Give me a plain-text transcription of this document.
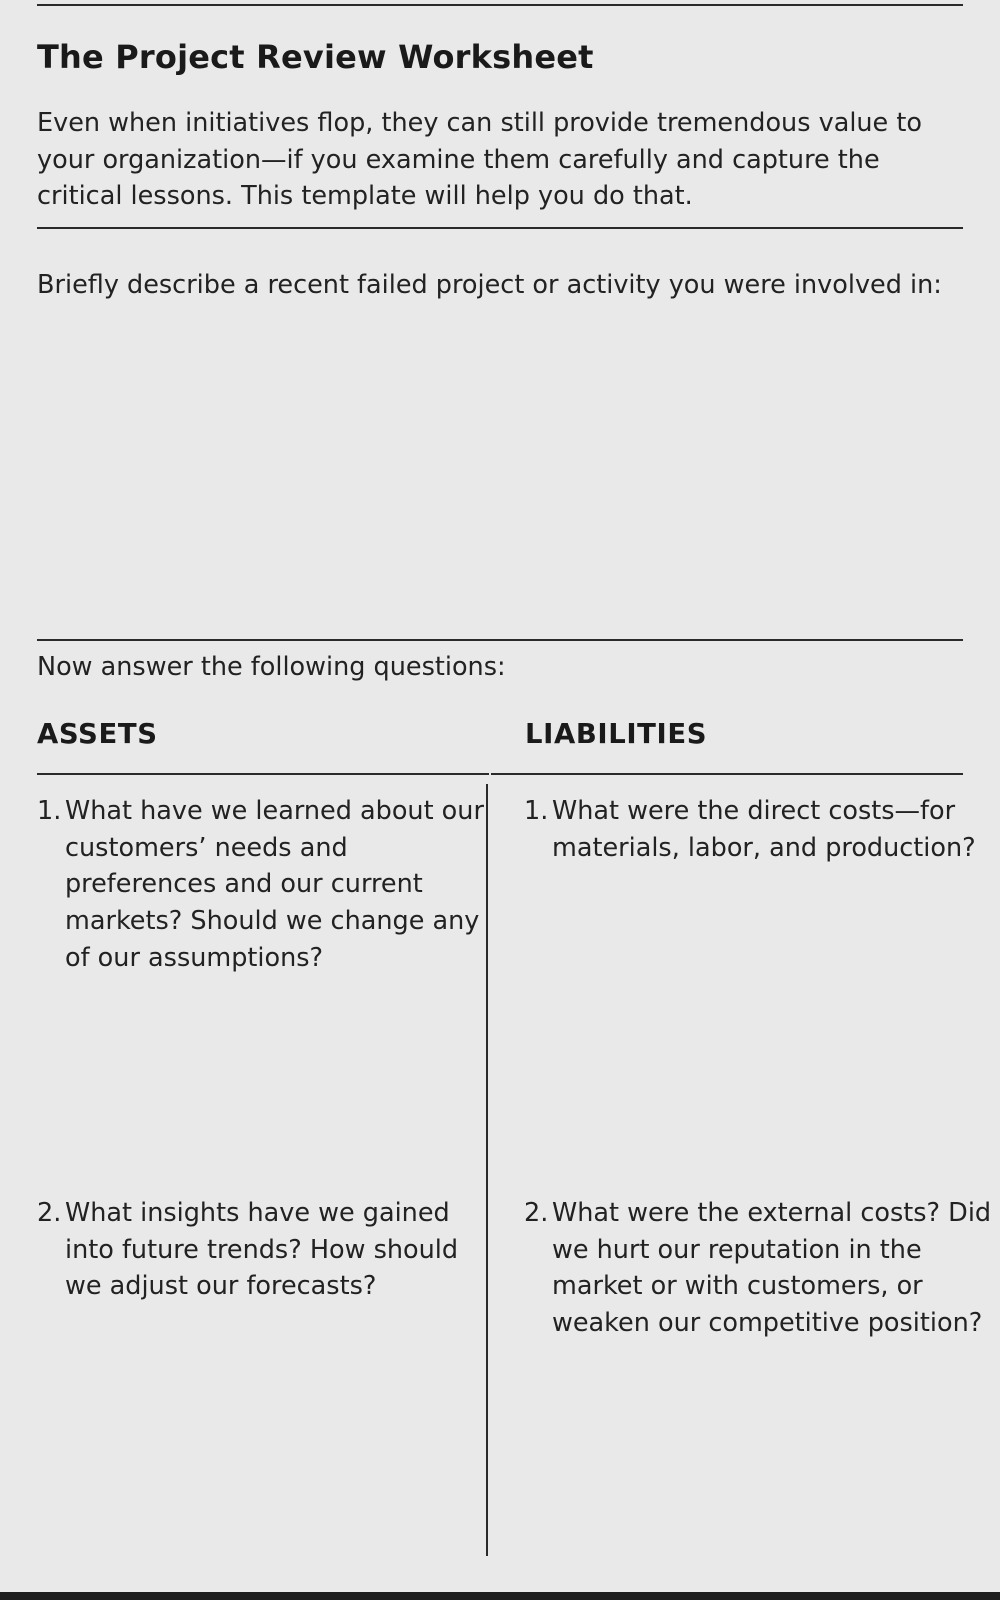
The Project Review Worksheet

Even when initiatives flop, they can still provide tremendous value to your organization—if you examine them carefully and capture the critical lessons. This template will help you do that.

Briefly describe a recent failed project or activity you were involved in:

Now answer the following questions:

ASSETS	LIABILITIES

1. What have we learned about our customers’ needs and preferences and our current markets? Should we change any of our assumptions?

2. What insights have we gained into future trends? How should we adjust our forecasts?

1. What were the direct costs—for materials, labor, and production?

2. What were the external costs? Did we hurt our reputation in the market or with customers, or weaken our competitive position?
